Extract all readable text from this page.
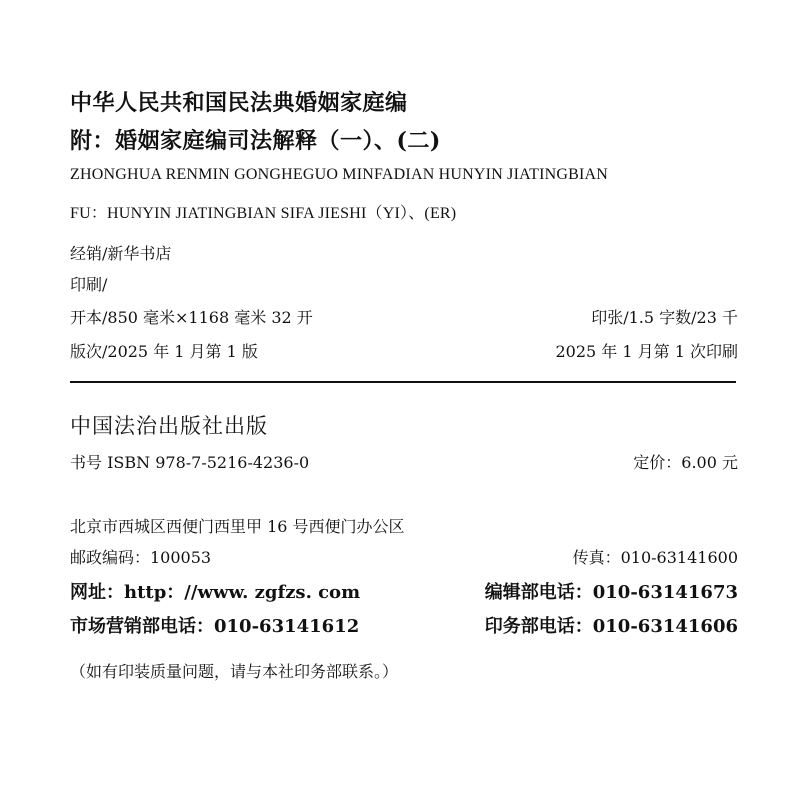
中华人民共和国民法典婚姻家庭编
附：婚姻家庭编司法解释（一）、(二)
ZHONGHUA RENMIN GONGHEGUO MINFADIAN HUNYIN JIATINGBIAN
FU：HUNYIN JIATINGBIAN SIFA JIESHI（YI）、(ER)
经销/新华书店
印刷/
开本/850 毫米×1168 毫米 32 开	印张/1.5 字数/23 千
版次/2025 年 1 月第 1 版	2025 年 1 月第 1 次印刷
中国法治出版社出版
书号 ISBN 978-7-5216-4236-0	定价：6.00 元
北京市西城区西便门西里甲 16 号西便门办公区
邮政编码：100053	传真：010-63141600
网址：http：//www. zgfzs. com	编辑部电话：010-63141673
市场营销部电话：010-63141612	印务部电话：010-63141606
（如有印装质量问题，请与本社印务部联系。）
